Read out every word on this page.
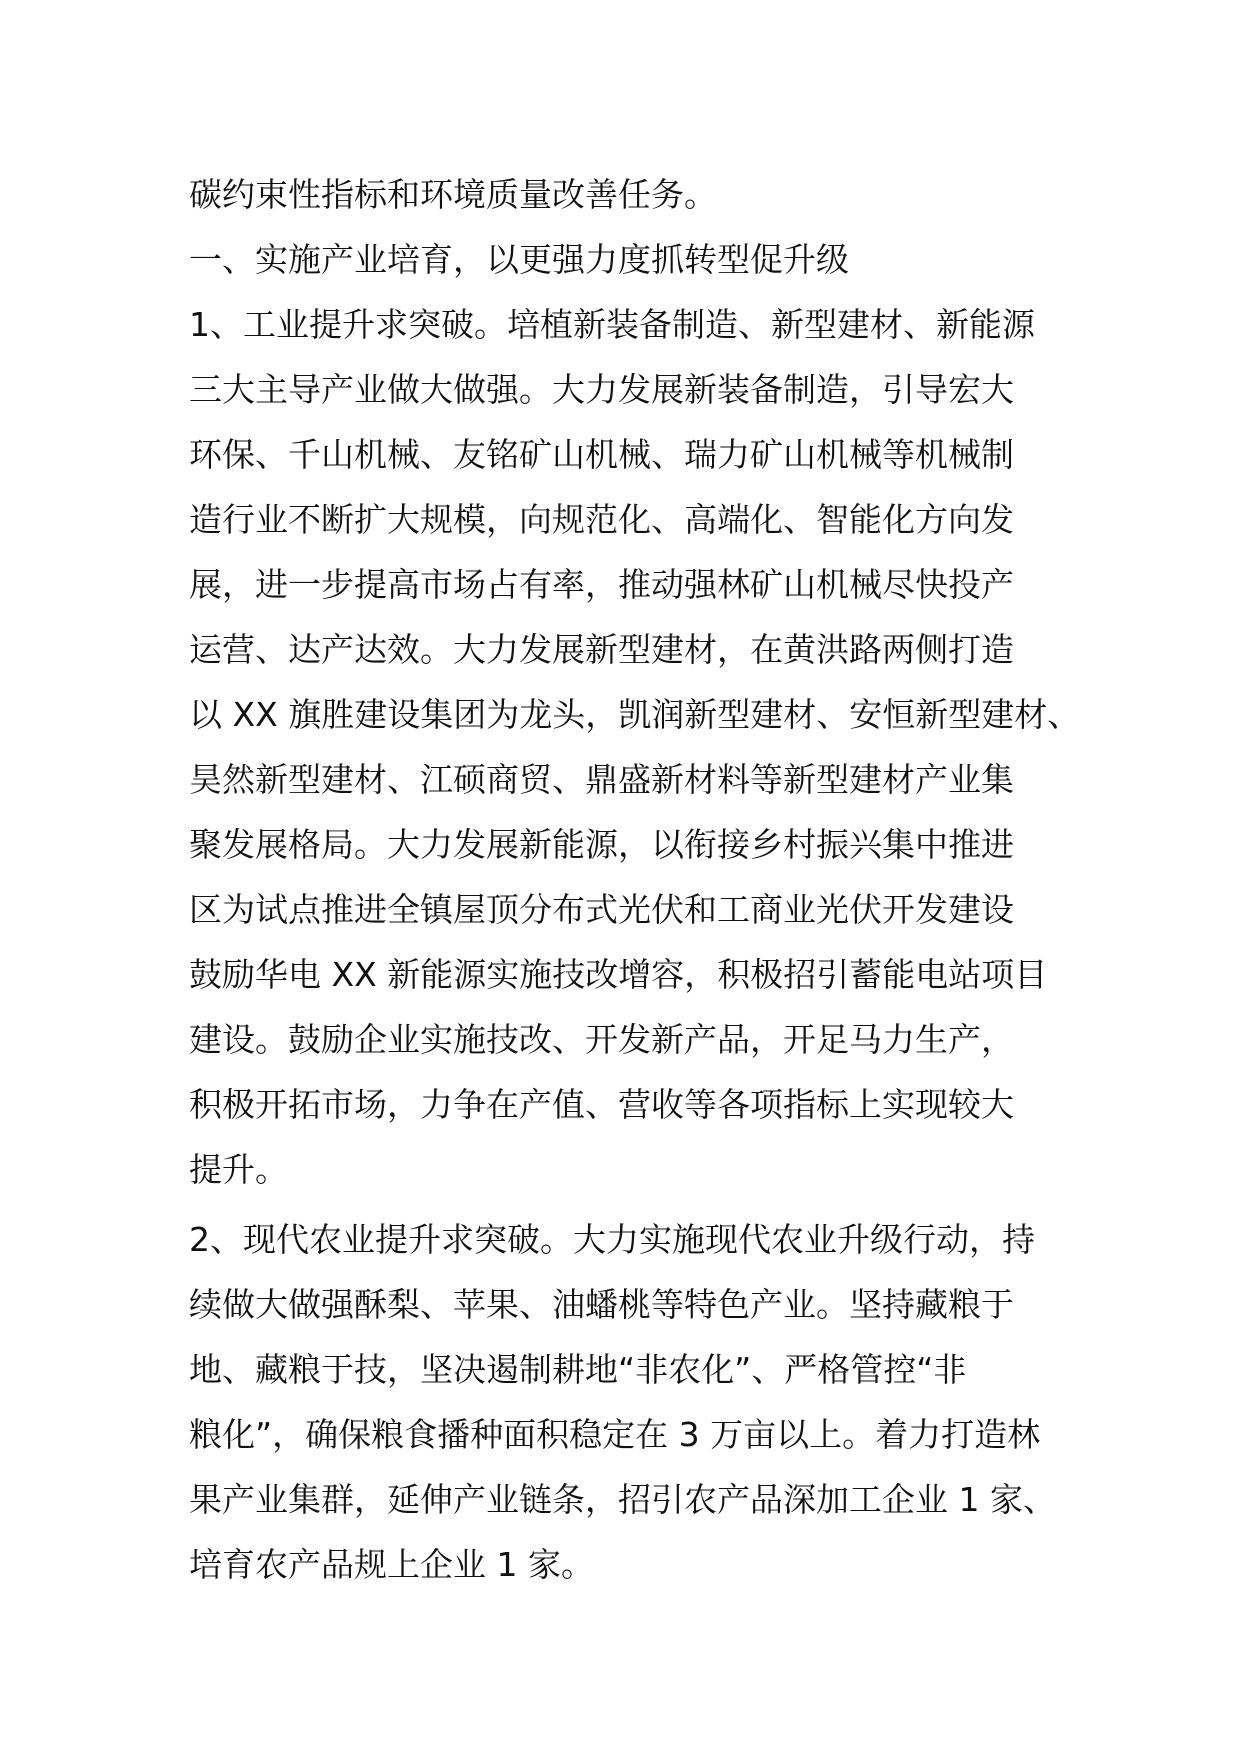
碳约束性指标和环境质量改善任务。
一、实施产业培育，以更强力度抓转型促升级
1、工业提升求突破。培植新装备制造、新型建材、新能源
三大主导产业做大做强。大力发展新装备制造，引导宏大
环保、千山机械、友铭矿山机械、瑞力矿山机械等机械制
造行业不断扩大规模，向规范化、高端化、智能化方向发
展，进一步提高市场占有率，推动强林矿山机械尽快投产
运营、达产达效。大力发展新型建材，在黄洪路两侧打造
以 XX 旗胜建设集团为龙头，凯润新型建材、安恒新型建材、
昊然新型建材、江硕商贸、鼎盛新材料等新型建材产业集
聚发展格局。大力发展新能源，以衔接乡村振兴集中推进
区为试点推进全镇屋顶分布式光伏和工商业光伏开发建设
鼓励华电 XX 新能源实施技改增容，积极招引蓄能电站项目
建设。鼓励企业实施技改、开发新产品，开足马力生产，
积极开拓市场，力争在产值、营收等各项指标上实现较大
提升。
2、现代农业提升求突破。大力实施现代农业升级行动，持
续做大做强酥梨、苹果、油蟠桃等特色产业。坚持藏粮于
地、藏粮于技，坚决遏制耕地“非农化”、严格管控“非
粮化”，确保粮食播种面积稳定在 3 万亩以上。着力打造林
果产业集群，延伸产业链条，招引农产品深加工企业 1 家、
培育农产品规上企业 1 家。
